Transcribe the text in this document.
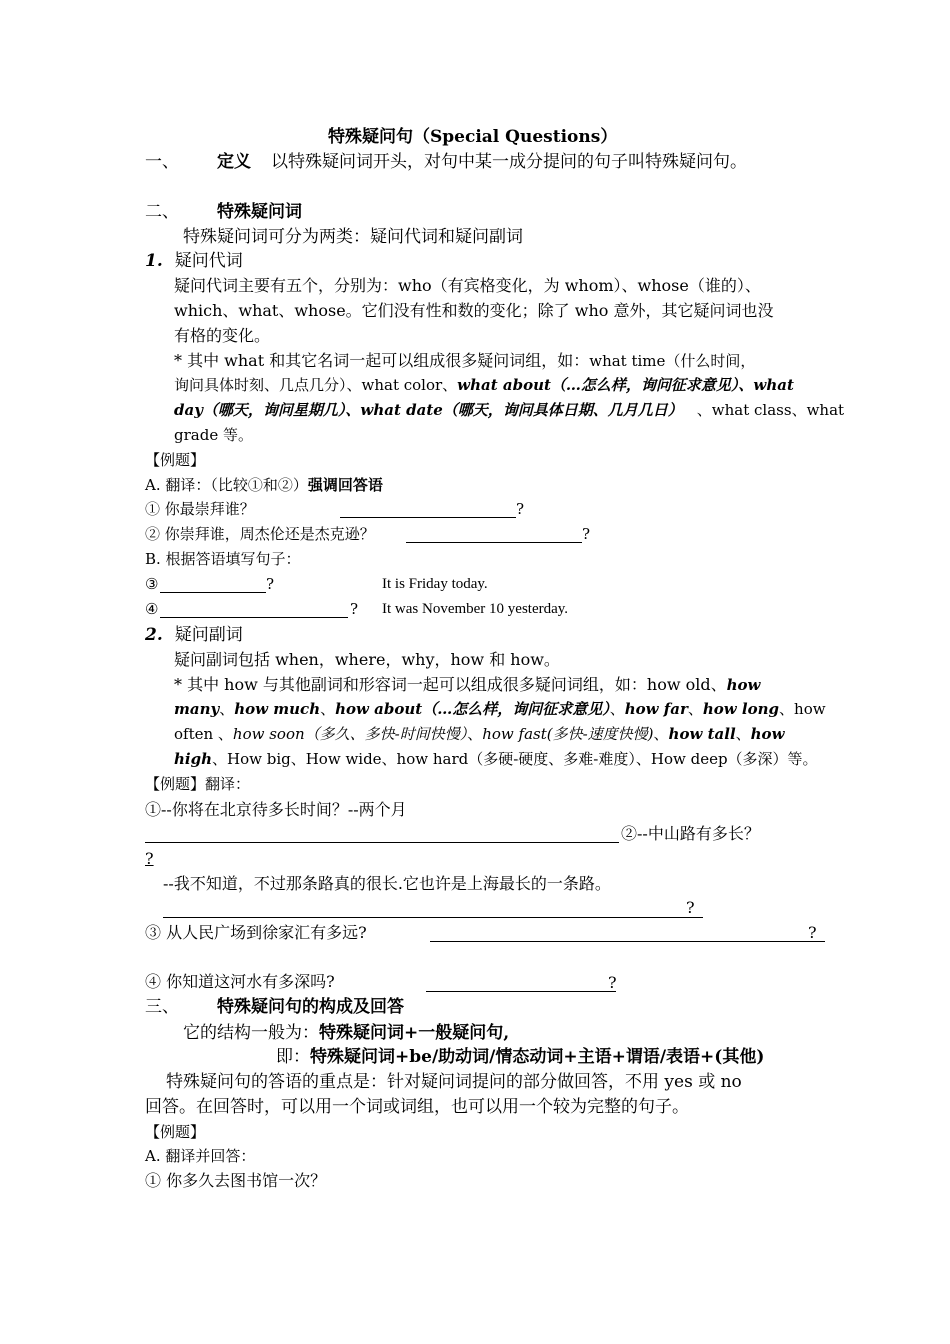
特殊疑问句（Special Questions）
一、 定义 以特殊疑问词开头，对句中某一成分提问的句子叫特殊疑问句。
二、 特殊疑问词
特殊疑问词可分为两类：疑问代词和疑问副词
1. 疑问代词
疑问代词主要有五个，分别为：who（有宾格变化，为 whom）、whose（谁的）、
which、what、whose。它们没有性和数的变化；除了 who 意外，其它疑问词也没
有格的变化。
* 其中 what 和其它名词一起可以组成很多疑问词组，如：what time（什么时间，
询问具体时刻、几点几分）、what color、what about（…怎么样，询问征求意见）、what
day（哪天，询问星期几）、what date（哪天，询问具体日期、几月几日） 、what class、what
grade 等。
【例题】
A. 翻译：（比较①和②）强调回答语
① 你最崇拜谁？	?
② 你崇拜谁，周杰伦还是杰克逊？	?
B. 根据答语填写句子：
③	?	It is Friday today.
④	? It was November 10 yesterday.
2. 疑问副词
疑问副词包括 when，where，why，how 和 how。
* 其中 how 与其他副词和形容词一起可以组成很多疑问词组，如：how old、how
many、how much、how about（…怎么样，询问征求意见）、how far、how long、how
often 、how soon（多久、多快-时间快慢）、how fast(多快-速度快慢)、how tall、how
high、How big、How wide、how hard（多硬-硬度、多难-难度）、How deep（多深）等。
【例题】翻译：
①--你将在北京待多长时间？--两个月
②--中山路有多长？
?
--我不知道，不过那条路真的很长.它也许是上海最长的一条路。
?
③ 从人民广场到徐家汇有多远?	?
④ 你知道这河水有多深吗?	?
三、 特殊疑问句的构成及回答
它的结构一般为：特殊疑问词+一般疑问句,
即：特殊疑问词+be/助动词/情态动词+主语+谓语/表语+(其他)
特殊疑问句的答语的重点是：针对疑问词提问的部分做回答，不用 yes 或 no
回答。在回答时，可以用一个词或词组，也可以用一个较为完整的句子。
【例题】
A. 翻译并回答：
① 你多久去图书馆一次？
